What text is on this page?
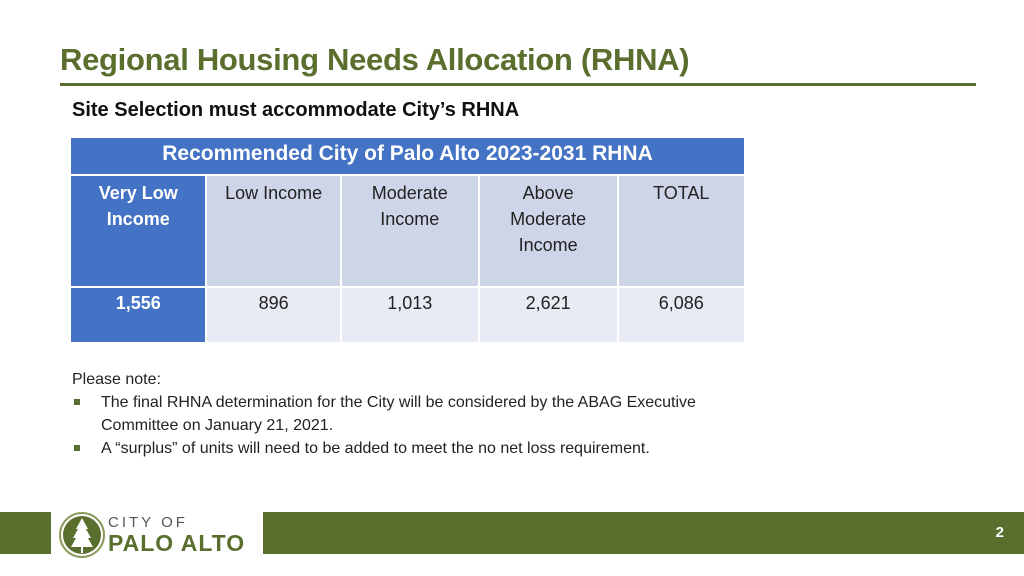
Regional Housing Needs Allocation (RHNA)
Site Selection must accommodate City’s RHNA
Recommended City of Palo Alto 2023-2031 RHNA				
Very Low Income	Low Income	Moderate Income	Above Moderate Income	TOTAL
1,556	896	1,013	2,621	6,086
Please note:
The final RHNA determination for the City will be considered by the ABAG Executive Committee on January 21, 2021.
A “surplus” of units will need to be added to meet the no net loss requirement.
CITY OF
PALO ALTO	2
